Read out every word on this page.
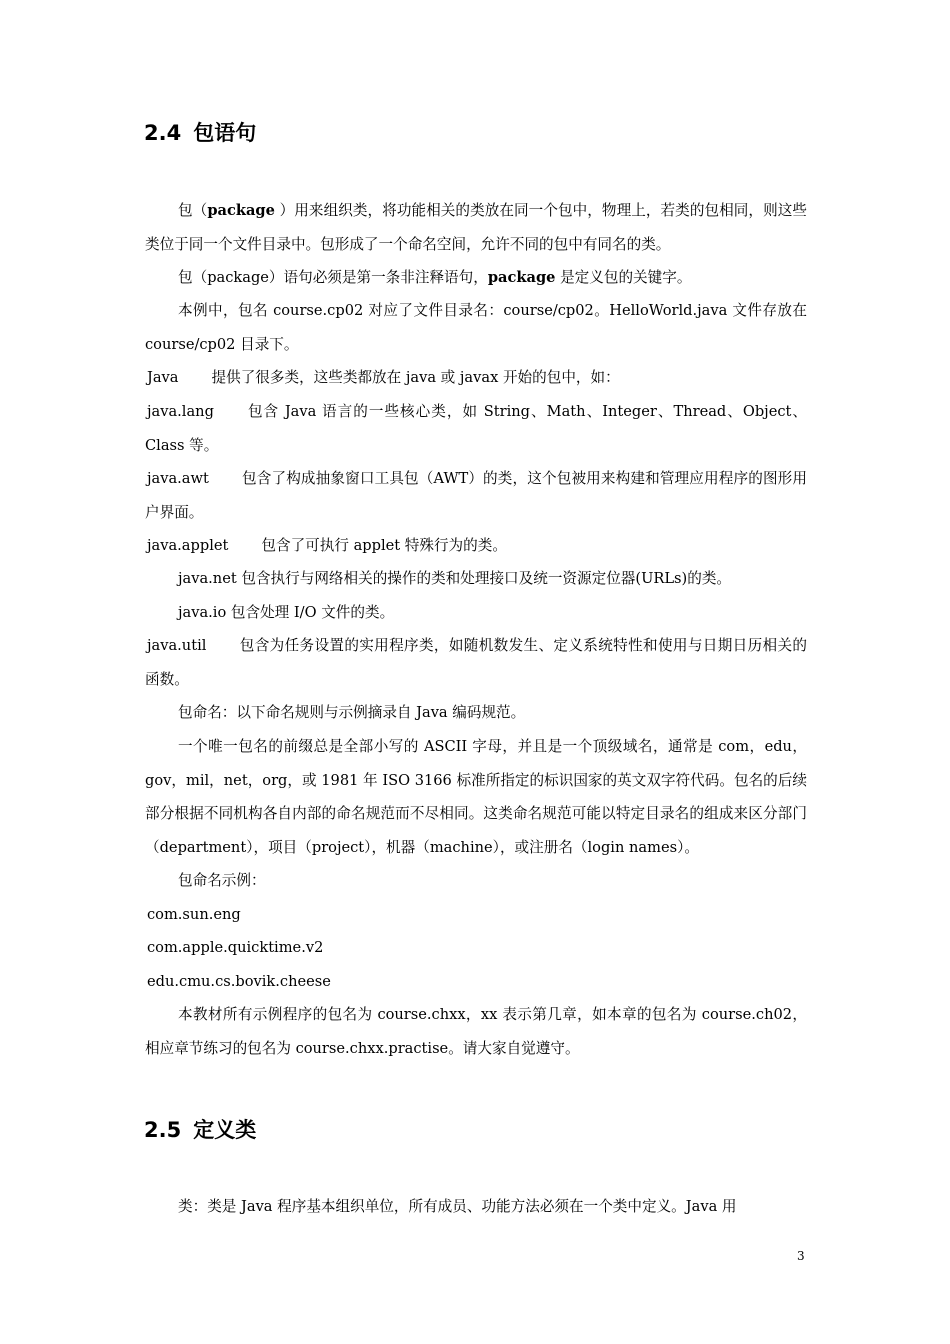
2.4 包语句

包（package ）用来组织类，将功能相关的类放在同一个包中，物理上，若类的包相同，则这些类位于同一个文件目录中。包形成了一个命名空间，允许不同的包中有同名的类。

包（package）语句必须是第一条非注释语句，package 是定义包的关键字。

本例中，包名 course.cp02 对应了文件目录名：course/cp02。HelloWorld.java 文件存放在 course/cp02 目录下。

Java 提供了很多类，这些类都放在 java 或 javax 开始的包中，如：

java.lang 包含 Java 语言的一些核心类，如 String、Math、Integer、Thread、Object、Class 等。

java.awt 包含了构成抽象窗口工具包（AWT）的类，这个包被用来构建和管理应用程序的图形用户界面。

java.applet 包含了可执行 applet 特殊行为的类。

java.net 包含执行与网络相关的操作的类和处理接口及统一资源定位器(URLs)的类。

java.io 包含处理 I/O 文件的类。

java.util 包含为任务设置的实用程序类，如随机数发生、定义系统特性和使用与日期日历相关的函数。

包命名：以下命名规则与示例摘录自 Java 编码规范。

一个唯一包名的前缀总是全部小写的 ASCII 字母，并且是一个顶级域名，通常是 com，edu，gov，mil，net，org，或 1981 年 ISO 3166 标准所指定的标识国家的英文双字符代码。包名的后续部分根据不同机构各自内部的命名规范而不尽相同。这类命名规范可能以特定目录名的组成来区分部门（department），项目（project），机器（machine），或注册名（login names）。

包命名示例：

com.sun.eng

com.apple.quicktime.v2

edu.cmu.cs.bovik.cheese

本教材所有示例程序的包名为 course.chxx，xx 表示第几章，如本章的包名为 course.ch02，相应章节练习的包名为 course.chxx.practise。请大家自觉遵守。

2.5 定义类

类：类是 Java 程序基本组织单位，所有成员、功能方法必须在一个类中定义。Java 用

3
